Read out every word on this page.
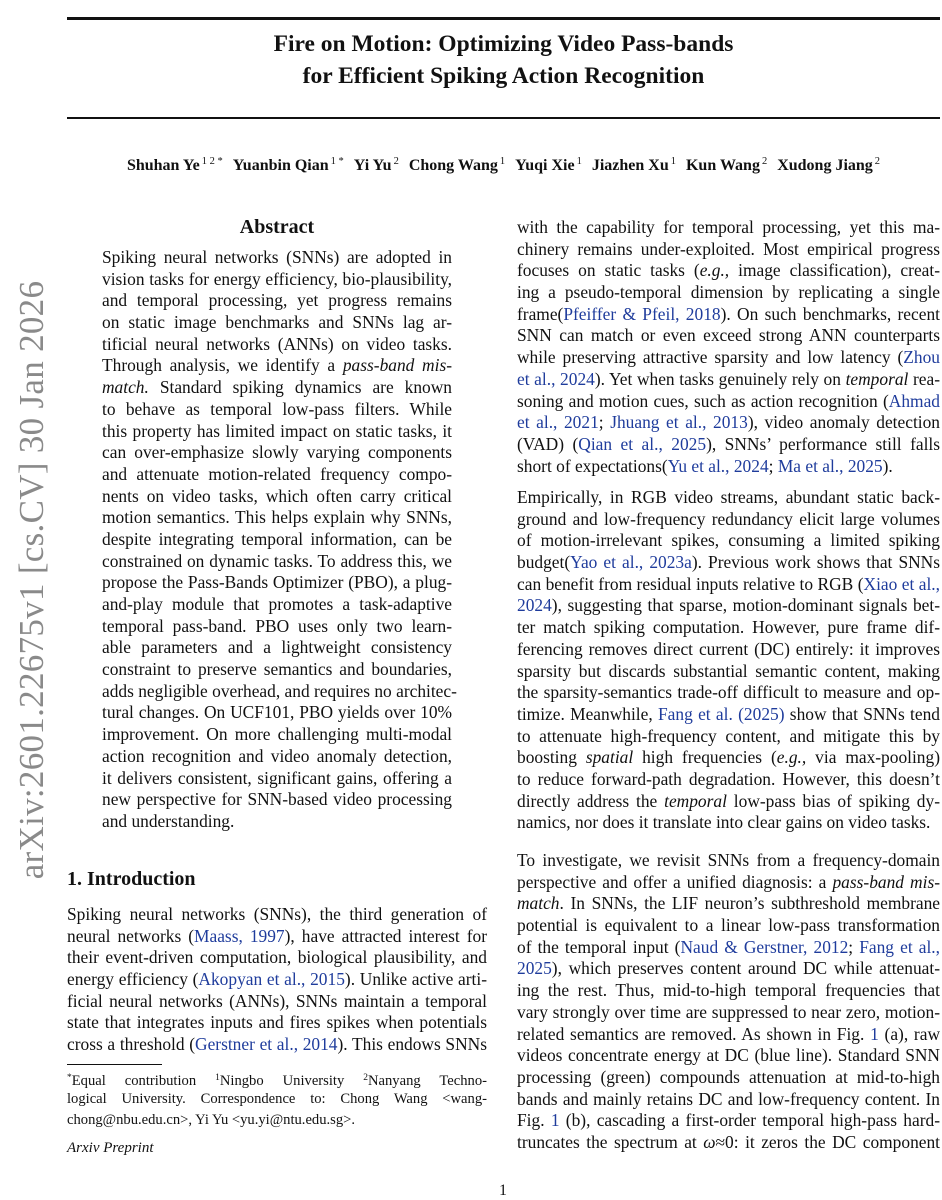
arXiv:2601.22675v1 [cs.CV] 30 Jan 2026
Fire on Motion: Optimizing Video Pass-bands
for Efficient Spiking Action Recognition
Shuhan Ye $^{1 2 *}$ Yuanbin Qian $^{1 *}$ Yi Yu $^2$ Chong Wang $^1$ Yuqi Xie $^1$ Jiazhen Xu $^1$ Kun Wang $^2$ Xudong Jiang $^2$
Abstract
Spiking neural networks (SNNs) are adopted in
vision tasks for energy efficiency, bio-plausibility,
and temporal processing, yet progress remains
on static image benchmarks and SNNs lag ar-
tificial neural networks (ANNs) on video tasks.
Through analysis, we identify a pass-band mis-
match. Standard spiking dynamics are known
to behave as temporal low-pass filters. While
this property has limited impact on static tasks, it
can over-emphasize slowly varying components
and attenuate motion-related frequency compo-
nents on video tasks, which often carry critical
motion semantics. This helps explain why SNNs,
despite integrating temporal information, can be
constrained on dynamic tasks. To address this, we
propose the Pass-Bands Optimizer (PBO), a plug-
and-play module that promotes a task-adaptive
temporal pass-band. PBO uses only two learn-
able parameters and a lightweight consistency
constraint to preserve semantics and boundaries,
adds negligible overhead, and requires no architec-
tural changes. On UCF101, PBO yields over 10%
improvement. On more challenging multi-modal
action recognition and video anomaly detection,
it delivers consistent, significant gains, offering a
new perspective for SNN-based video processing
and understanding.
1. Introduction
Spiking neural networks (SNNs), the third generation of
neural networks (Maass, 1997), have attracted interest for
their event-driven computation, biological plausibility, and
energy efficiency (Akopyan et al., 2015). Unlike active arti-
ficial neural networks (ANNs), SNNs maintain a temporal
state that integrates inputs and fires spikes when potentials
cross a threshold (Gerstner et al., 2014). This endows SNNs
with the capability for temporal processing, yet this ma-
chinery remains under-exploited. Most empirical progress
focuses on static tasks (e.g., image classification), creat-
ing a pseudo-temporal dimension by replicating a single
frame(Pfeiffer & Pfeil, 2018). On such benchmarks, recent
SNN can match or even exceed strong ANN counterparts
while preserving attractive sparsity and low latency (Zhou
et al., 2024). Yet when tasks genuinely rely on temporal rea-
soning and motion cues, such as action recognition (Ahmad
et al., 2021; Jhuang et al., 2013), video anomaly detection
(VAD) (Qian et al., 2025), SNNs’ performance still falls
short of expectations(Yu et al., 2024; Ma et al., 2025).
Empirically, in RGB video streams, abundant static back-
ground and low-frequency redundancy elicit large volumes
of motion-irrelevant spikes, consuming a limited spiking
budget(Yao et al., 2023a). Previous work shows that SNNs
can benefit from residual inputs relative to RGB (Xiao et al.,
2024), suggesting that sparse, motion-dominant signals bet-
ter match spiking computation. However, pure frame dif-
ferencing removes direct current (DC) entirely: it improves
sparsity but discards substantial semantic content, making
the sparsity-semantics trade-off difficult to measure and op-
timize. Meanwhile, Fang et al. (2025) show that SNNs tend
to attenuate high-frequency content, and mitigate this by
boosting spatial high frequencies (e.g., via max-pooling)
to reduce forward-path degradation. However, this doesn’t
directly address the temporal low-pass bias of spiking dy-
namics, nor does it translate into clear gains on video tasks.
To investigate, we revisit SNNs from a frequency-domain
perspective and offer a unified diagnosis: a pass-band mis-
match. In SNNs, the LIF neuron’s subthreshold membrane
potential is equivalent to a linear low-pass transformation
of the temporal input (Naud & Gerstner, 2012; Fang et al.,
2025), which preserves content around DC while attenuat-
ing the rest. Thus, mid-to-high temporal frequencies that
vary strongly over time are suppressed to near zero, motion-
related semantics are removed. As shown in Fig. 1 (a), raw
videos concentrate energy at DC (blue line). Standard SNN
processing (green) compounds attenuation at mid-to-high
bands and mainly retains DC and low-frequency content. In
Fig. 1 (b), cascading a first-order temporal high-pass hard-
truncates the spectrum at ω≈0: it zeros the DC component
*Equal contribution $^1$Ningbo University $^2$Nanyang Techno-
logical University. Correspondence to: Chong Wang <wang-
chong@nbu.edu.cn>, Yi Yu <yu.yi@ntu.edu.sg>.
Arxiv Preprint
1
